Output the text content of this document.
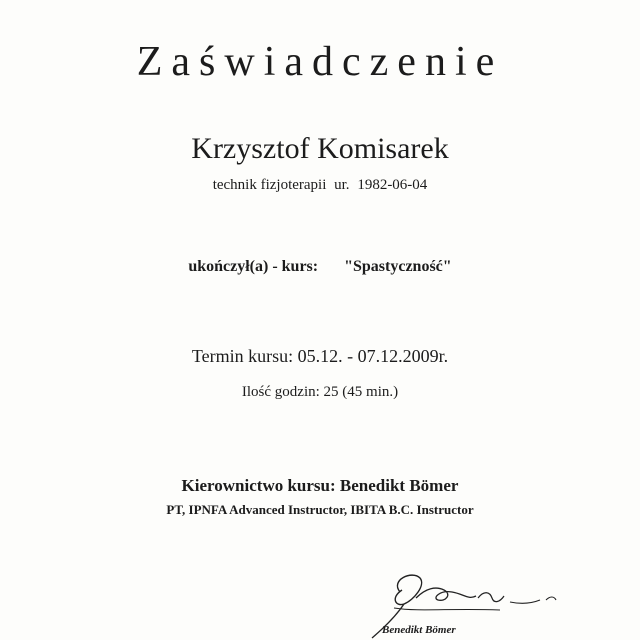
Zaświadczenie
Krzysztof Komisarek
technik fizjoterapii ur. 1982-06-04
ukończył(a) - kurs: "Spastyczność"
Termin kursu: 05.12. - 07.12.2009r.
Ilość godzin: 25 (45 min.)
Kierownictwo kursu: Benedikt Bömer
PT, IPNFA Advanced Instructor, IBITA B.C. Instructor
Benedikt Bömer
